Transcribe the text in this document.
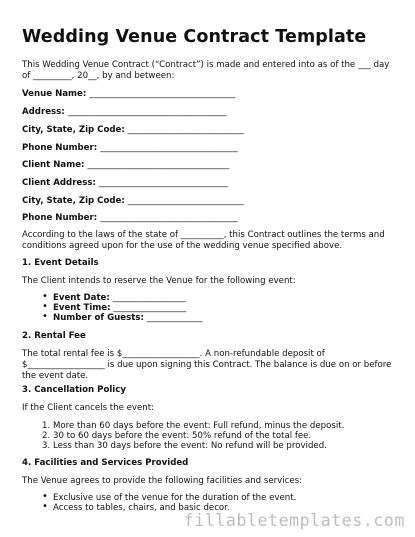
Wedding Venue Contract Template
This Wedding Venue Contract (“Contract”) is made and entered into as of the ___ day of _________, 20__, by and between:
Venue Name: __________________________________
Address: _____________________________________
City, State, Zip Code: ___________________________
Phone Number: ________________________________
Client Name: _________________________________
Client Address: ______________________________
City, State, Zip Code: ___________________________
Phone Number: ________________________________
According to the laws of the state of __________, this Contract outlines the terms and conditions agreed upon for the use of the wedding venue specified above.
1. Event Details
The Client intends to reserve the Venue for the following event:
• Event Date: _________________
• Event Time: _________________
• Number of Guests: _____________
2. Rental Fee
The total rental fee is $__________________. A non-refundable deposit of $__________________ is due upon signing this Contract. The balance is due on or before the event date.
3. Cancellation Policy
If the Client cancels the event:
1. More than 60 days before the event: Full refund, minus the deposit.
2. 30 to 60 days before the event: 50% refund of the total fee.
3. Less than 30 days before the event: No refund will be provided.
4. Facilities and Services Provided
The Venue agrees to provide the following facilities and services:
• Exclusive use of the venue for the duration of the event.
• Access to tables, chairs, and basic decor.
fillabletemplates.com
